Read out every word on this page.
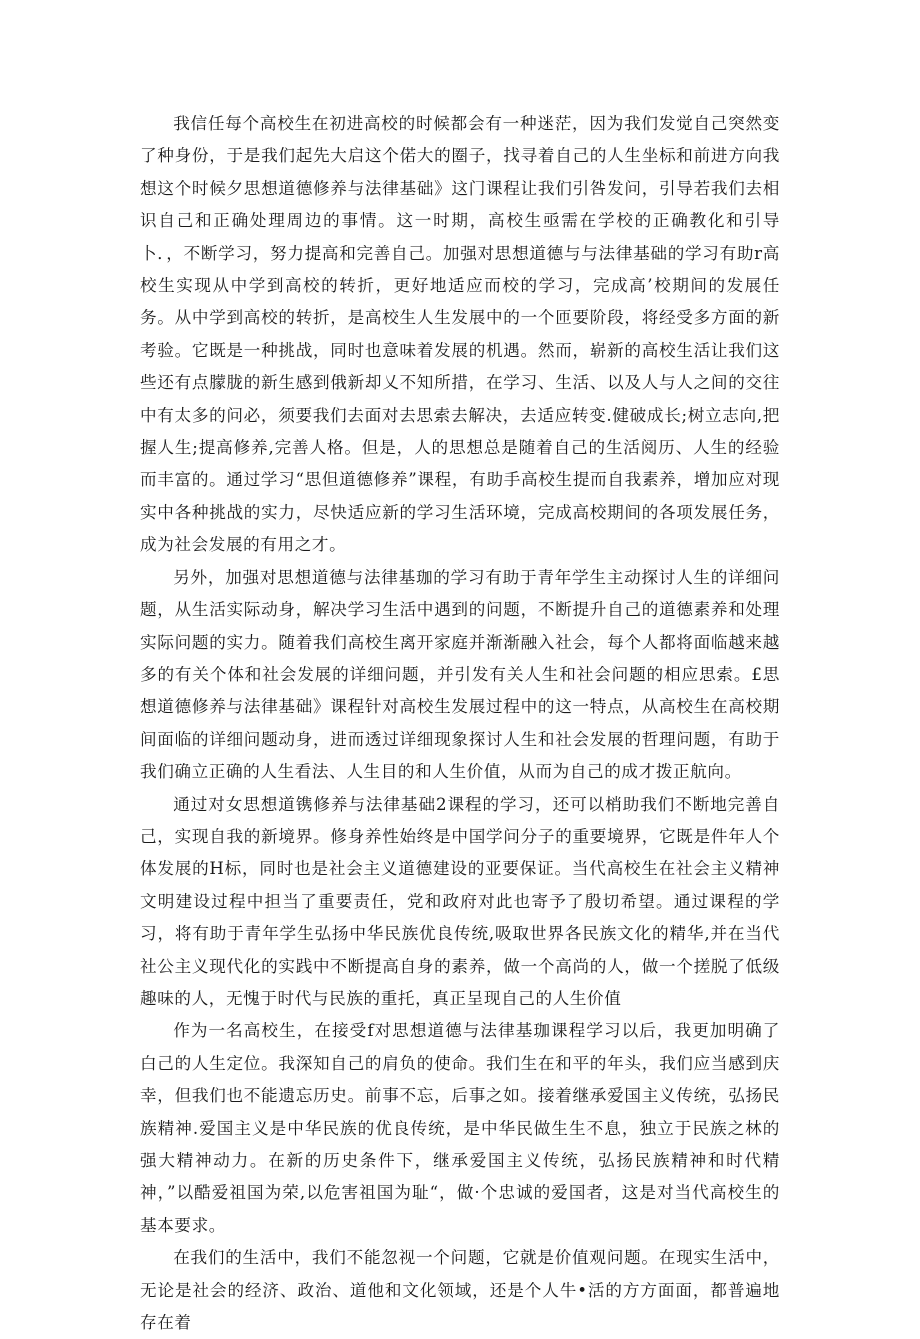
我信任每个高校生在初进高校的时候都会有一种迷茫，因为我们发觉自己突然变了种身份，于是我们起先大启这个偌大的圈子，找寻着自己的人生坐标和前进方向我想这个时候夕思想道德修养与法律基础》这门课程让我们引咎发问，引导若我们去相识自己和正确处理周边的事情。这一时期，高校生亟需在学校的正确教化和引导卜．，不断学习，努力提高和完善自己。加强对思想道德与与法律基础的学习有助r高校生实现从中学到高校的转折，更好地适应而校的学习，完成高’校期间的发展任务。从中学到高校的转折，是高校生人生发展中的一个匝要阶段，将经受多方面的新考验。它既是一种挑战，同时也意味着发展的机遇。然而，崭新的高校生活让我们这些还有点朦胧的新生感到俄新却乂不知所措，在学习、生活、以及人与人之间的交往中有太多的问必，须要我们去面对去思索去解决，去适应转变.健破成长;树立志向,把握人生;提高修养,完善人格。但是，人的思想总是随着自己的生活阅历、人生的经验而丰富的。通过学习“思但道德修养”课程，有助手高校生提而自我素养，增加应对现实中各种挑战的实力，尽快适应新的学习生活环境，完成高校期间的各项发展任务，成为社会发展的有用之才。

另外，加强对思想道德与法律基珈的学习有助于青年学生主动探讨人生的详细问题，从生活实际动身，解决学习生活中遇到的问题，不断提升自己的道德素养和处理实际问题的实力。随着我们高校生离开家庭并渐渐融入社会，每个人都将面临越来越多的有关个体和社会发展的详细问题，并引发有关人生和社会问题的相应思索。£思想道德修养与法律基础》课程针对高校生发展过程中的这一特点，从高校生在高校期间面临的详细问题动身，进而透过详细现象探讨人生和社会发展的哲理问题，有助于我们确立正确的人生看法、人生目的和人生价值，从而为自己的成才拨正航向。

通过对女思想道镌修养与法律基础2课程的学习，还可以梢助我们不断地完善自己，实现自我的新境界。修身养性始终是中国学问分子的重要境界，它既是件年人个体发展的H标，同时也是社会主义道德建设的亚要保证。当代高校生在社会主义精神文明建设过程中担当了重要责任，党和政府对此也寄予了殷切希望。通过课程的学习，将有助于青年学生弘扬中华民族优良传统,吸取世界各民族文化的精华,并在当代社公主义现代化的实践中不断提高自身的素养，做一个高尚的人，做一个搓脱了低级趣味的人，无愧于时代与民族的重托，真正呈现自己的人生价值

作为一名高校生，在接受f对思想道德与法律基珈课程学习以后，我更加明确了白己的人生定位。我深知自己的肩负的使命。我们生在和平的年头，我们应当感到庆幸，但我们也不能遗忘历史。前事不忘，后事之如。接着继承爱国主义传统，弘扬民族精神.爱国主义是中华民族的优良传统，是中华民做生生不息，独立于民族之林的强大精神动力。在新的历史条件下，继承爱国主义传统，弘扬民族精神和时代精神，”以酷爱祖国为荣,以危害祖国为耻“，做·个忠诚的爱国者，这是对当代高校生的基本要求。

在我们的生活中，我们不能忽视一个问题，它就是价值观问题。在现实生活中，无论是社会的经济、政治、道他和文化领域，还是个人牛•活的方方面面，都普遍地存在着
